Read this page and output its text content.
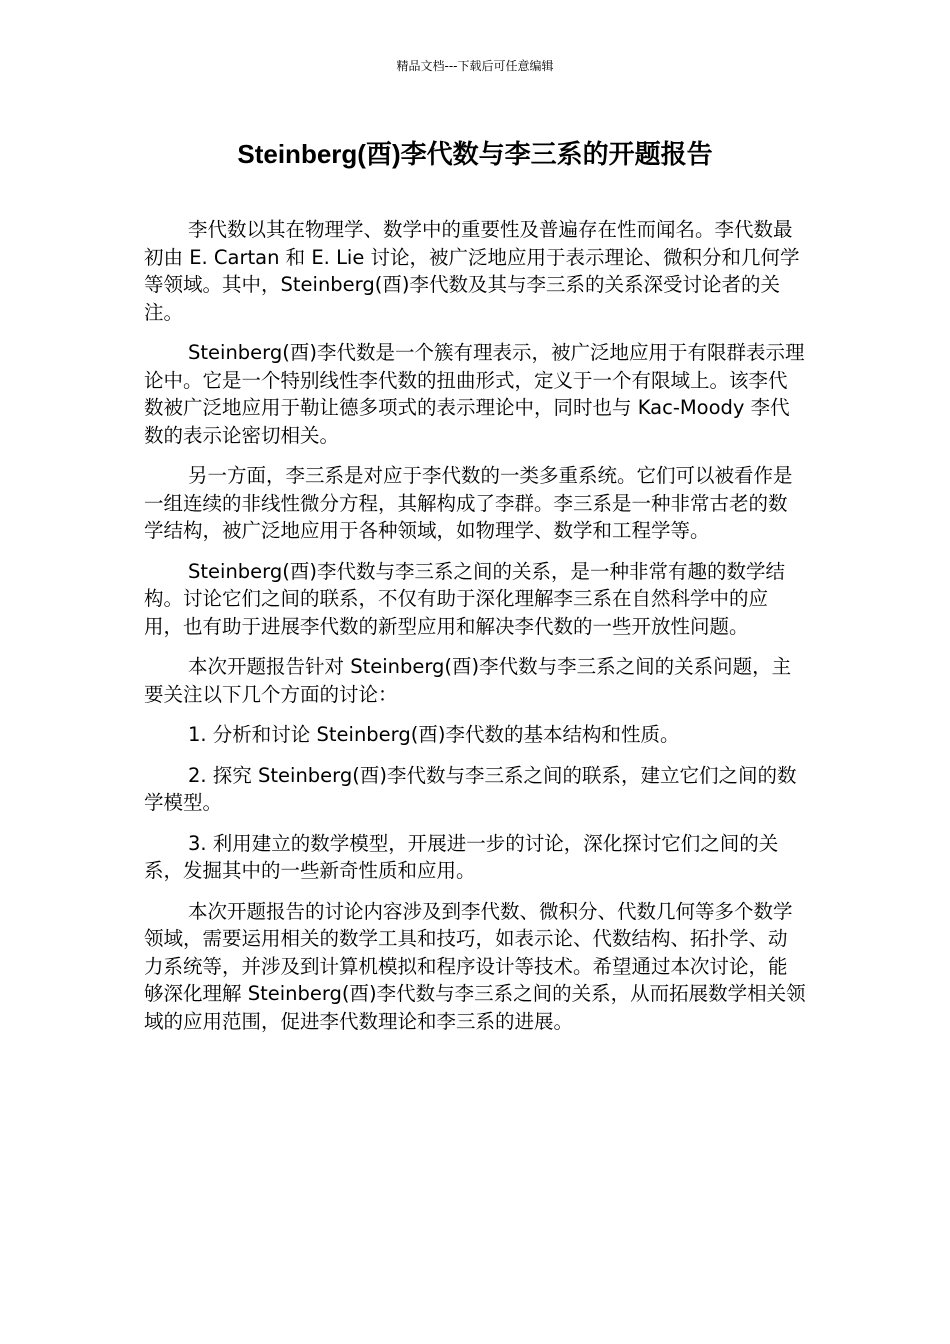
精品文档---下载后可任意编辑
Steinberg(酉)李代数与李三系的开题报告

李代数以其在物理学、数学中的重要性及普遍存在性而闻名。李代数最初由 E. Cartan 和 E. Lie 讨论，被广泛地应用于表示理论、微积分和几何学等领域。其中，Steinberg(酉)李代数及其与李三系的关系深受讨论者的关注。

Steinberg(酉)李代数是一个簇有理表示，被广泛地应用于有限群表示理论中。它是一个特别线性李代数的扭曲形式，定义于一个有限域上。该李代数被广泛地应用于勒让德多项式的表示理论中，同时也与 Kac-Moody 李代数的表示论密切相关。

另一方面，李三系是对应于李代数的一类多重系统。它们可以被看作是一组连续的非线性微分方程，其解构成了李群。李三系是一种非常古老的数学结构，被广泛地应用于各种领域，如物理学、数学和工程学等。

Steinberg(酉)李代数与李三系之间的关系，是一种非常有趣的数学结构。讨论它们之间的联系，不仅有助于深化理解李三系在自然科学中的应用，也有助于进展李代数的新型应用和解决李代数的一些开放性问题。

本次开题报告针对 Steinberg(酉)李代数与李三系之间的关系问题，主要关注以下几个方面的讨论：

1. 分析和讨论 Steinberg(酉)李代数的基本结构和性质。

2. 探究 Steinberg(酉)李代数与李三系之间的联系，建立它们之间的数学模型。

3. 利用建立的数学模型，开展进一步的讨论，深化探讨它们之间的关系，发掘其中的一些新奇性质和应用。

本次开题报告的讨论内容涉及到李代数、微积分、代数几何等多个数学领域，需要运用相关的数学工具和技巧，如表示论、代数结构、拓扑学、动力系统等，并涉及到计算机模拟和程序设计等技术。希望通过本次讨论，能够深化理解 Steinberg(酉)李代数与李三系之间的关系，从而拓展数学相关领域的应用范围，促进李代数理论和李三系的进展。
